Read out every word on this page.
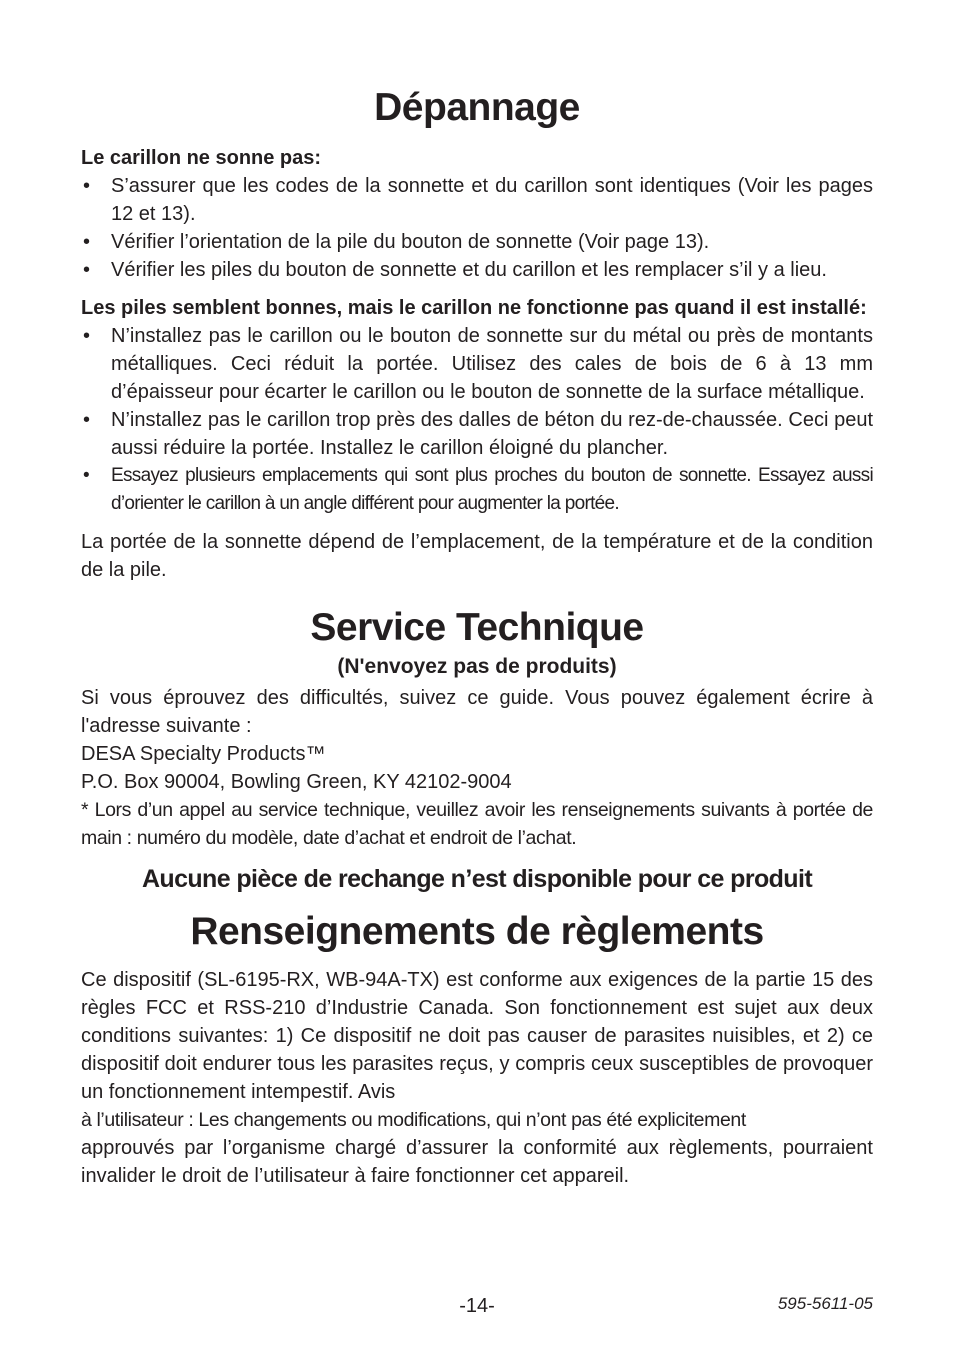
Dépannage

Le carillon ne sonne pas:

• S’assurer que les codes de la sonnette et du carillon sont identiques (Voir les pages 12 et 13).
• Vérifier l’orientation de la pile du bouton de sonnette (Voir page 13).
• Vérifier les piles du bouton de sonnette et du carillon et les remplacer s’il y a lieu.

Les piles semblent bonnes, mais le carillon ne fonctionne pas quand il est installé:

• N’installez pas le carillon ou le bouton de sonnette sur du métal ou près de montants métalliques. Ceci réduit la portée. Utilisez des cales de bois de 6 à 13 mm d’épaisseur pour écarter le carillon ou le bouton de sonnette de la surface métallique.
• N’installez pas le carillon trop près des dalles de béton du rez-de-chaussée. Ceci peut aussi réduire la portée. Installez le carillon éloigné du plancher.
• Essayez plusieurs emplacements qui sont plus proches du bouton de sonnette. Essayez aussi d’orienter le carillon à un angle différent pour augmenter la portée.

La portée de la sonnette dépend de l’emplacement, de la température et de la condition de la pile.

Service Technique
(N'envoyez pas de produits)

Si vous éprouvez des difficultés, suivez ce guide. Vous pouvez également écrire à l'adresse suivante :

DESA Specialty Products™

P.O. Box 90004, Bowling Green, KY 42102-9004

* Lors d’un appel au service technique, veuillez avoir les renseignements suivants à portée de main : numéro du modèle, date d’achat et endroit de l’achat.

Aucune pièce de rechange n’est disponible pour ce produit
Renseignements de règlements

Ce dispositif (SL-6195-RX, WB-94A-TX) est conforme aux exigences de la partie 15 des règles FCC et RSS-210 d’Industrie Canada. Son fonctionnement est sujet aux deux conditions suivantes: 1) Ce dispositif ne doit pas causer de parasites nuisibles, et 2) ce dispositif doit endurer tous les parasites reçus, y compris ceux susceptibles de provoquer un fonctionnement intempestif. Avis
à l’utilisateur : Les changements ou modifications, qui n’ont pas été explicitement
approuvés par l’organisme chargé d’assurer la conformité aux règlements, pourraient invalider le droit de l’utilisateur à faire fonctionner cet appareil.

-14-	595-5611-05
